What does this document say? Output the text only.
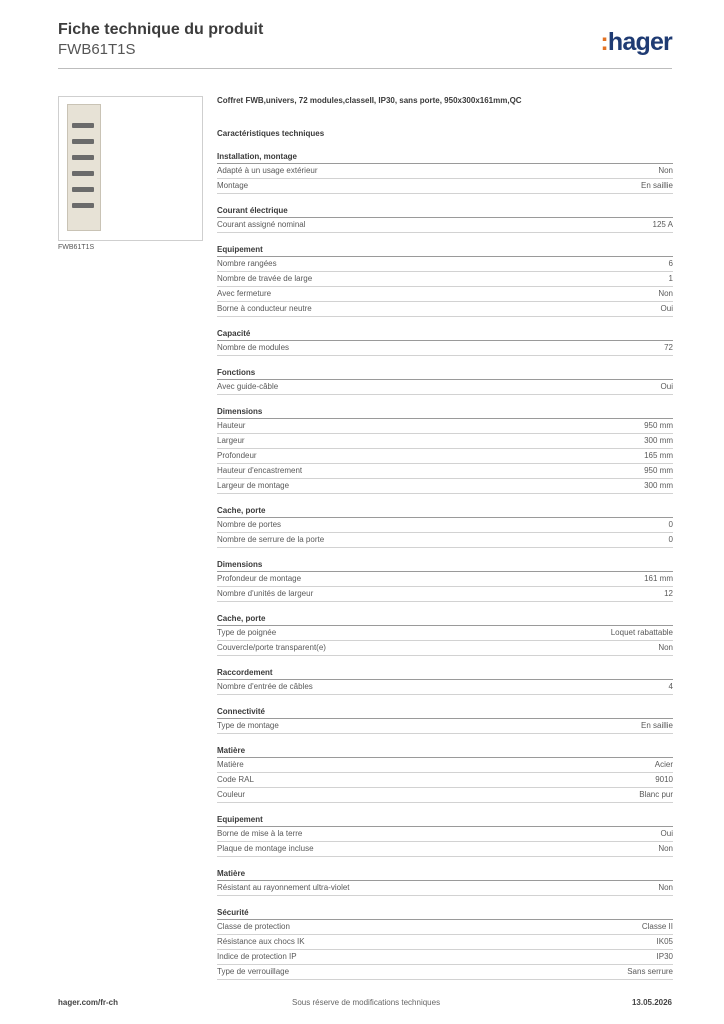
Fiche technique du produit
FWB61T1S	:hager
FWB61T1S
Coffret FWB,univers, 72 modules,classeII, IP30, sans porte, 950x300x161mm,QC
Caractéristiques techniques
Installation, montage
Adapté à un usage extérieur	Non
Montage	En saillie
Courant électrique
Courant assigné nominal	125 A
Equipement
Nombre rangées	6
Nombre de travée de large	1
Avec fermeture	Non
Borne à conducteur neutre	Oui
Capacité
Nombre de modules	72
Fonctions
Avec guide-câble	Oui
Dimensions
Hauteur	950 mm
Largeur	300 mm
Profondeur	165 mm
Hauteur d'encastrement	950 mm
Largeur de montage	300 mm
Cache, porte
Nombre de portes	0
Nombre de serrure de la porte	0
Dimensions
Profondeur de montage	161 mm
Nombre d'unités de largeur	12
Cache, porte
Type de poignée	Loquet rabattable
Couvercle/porte transparent(e)	Non
Raccordement
Nombre d'entrée de câbles	4
Connectivité
Type de montage	En saillie
Matière
Matière	Acier
Code RAL	9010
Couleur	Blanc pur
Equipement
Borne de mise à la terre	Oui
Plaque de montage incluse	Non
Matière
Résistant au rayonnement ultra-violet	Non
Sécurité
Classe de protection	Classe II
Résistance aux chocs IK	IK05
Indice de protection IP	IP30
Type de verrouillage	Sans serrure
hager.com/fr-ch	Sous réserve de modifications techniques	13.05.2026
